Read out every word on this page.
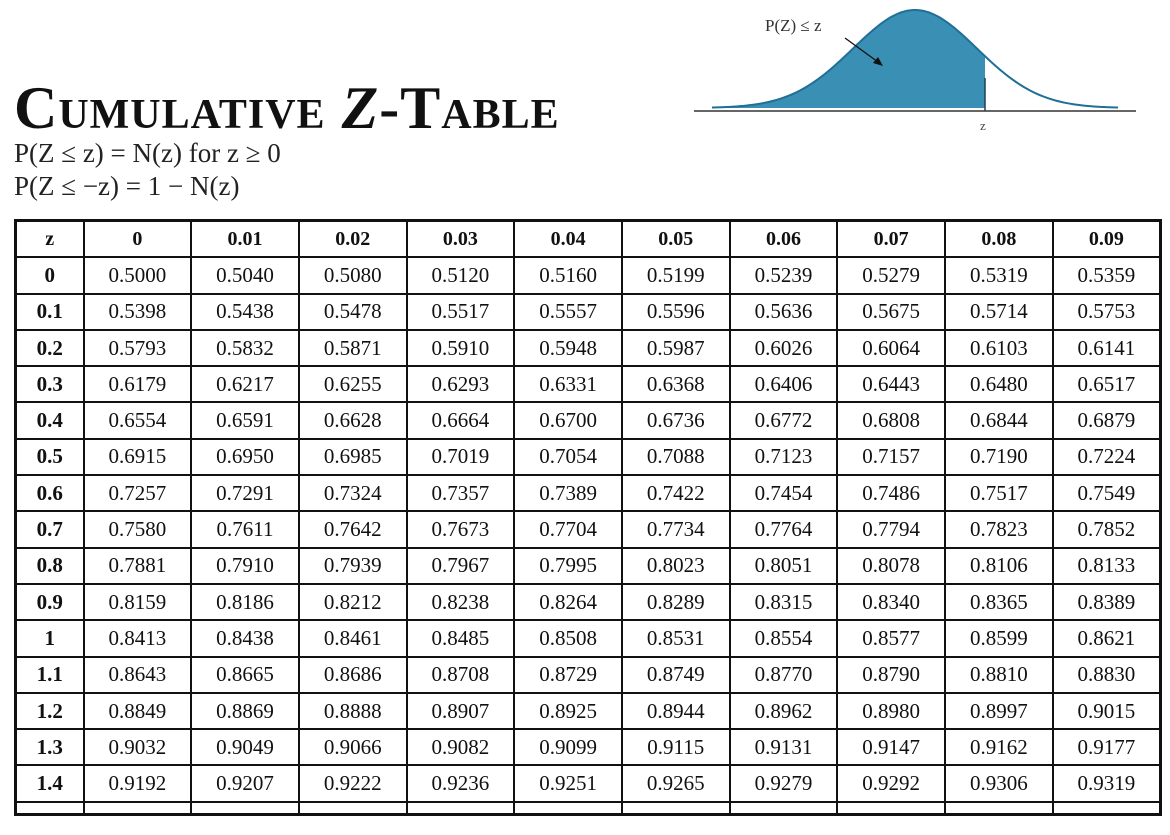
Cumulative Z-Table
P(Z ≤ z) = N(z) for z ≥ 0
P(Z ≤ −z) = 1 − N(z)
P(Z) ≤ z
z
z	0	0.01	0.02	0.03	0.04	0.05	0.06	0.07	0.08	0.09
0	0.5000	0.5040	0.5080	0.5120	0.5160	0.5199	0.5239	0.5279	0.5319	0.5359
0.1	0.5398	0.5438	0.5478	0.5517	0.5557	0.5596	0.5636	0.5675	0.5714	0.5753
0.2	0.5793	0.5832	0.5871	0.5910	0.5948	0.5987	0.6026	0.6064	0.6103	0.6141
0.3	0.6179	0.6217	0.6255	0.6293	0.6331	0.6368	0.6406	0.6443	0.6480	0.6517
0.4	0.6554	0.6591	0.6628	0.6664	0.6700	0.6736	0.6772	0.6808	0.6844	0.6879
0.5	0.6915	0.6950	0.6985	0.7019	0.7054	0.7088	0.7123	0.7157	0.7190	0.7224
0.6	0.7257	0.7291	0.7324	0.7357	0.7389	0.7422	0.7454	0.7486	0.7517	0.7549
0.7	0.7580	0.7611	0.7642	0.7673	0.7704	0.7734	0.7764	0.7794	0.7823	0.7852
0.8	0.7881	0.7910	0.7939	0.7967	0.7995	0.8023	0.8051	0.8078	0.8106	0.8133
0.9	0.8159	0.8186	0.8212	0.8238	0.8264	0.8289	0.8315	0.8340	0.8365	0.8389
1	0.8413	0.8438	0.8461	0.8485	0.8508	0.8531	0.8554	0.8577	0.8599	0.8621
1.1	0.8643	0.8665	0.8686	0.8708	0.8729	0.8749	0.8770	0.8790	0.8810	0.8830
1.2	0.8849	0.8869	0.8888	0.8907	0.8925	0.8944	0.8962	0.8980	0.8997	0.9015
1.3	0.9032	0.9049	0.9066	0.9082	0.9099	0.9115	0.9131	0.9147	0.9162	0.9177
1.4	0.9192	0.9207	0.9222	0.9236	0.9251	0.9265	0.9279	0.9292	0.9306	0.9319
